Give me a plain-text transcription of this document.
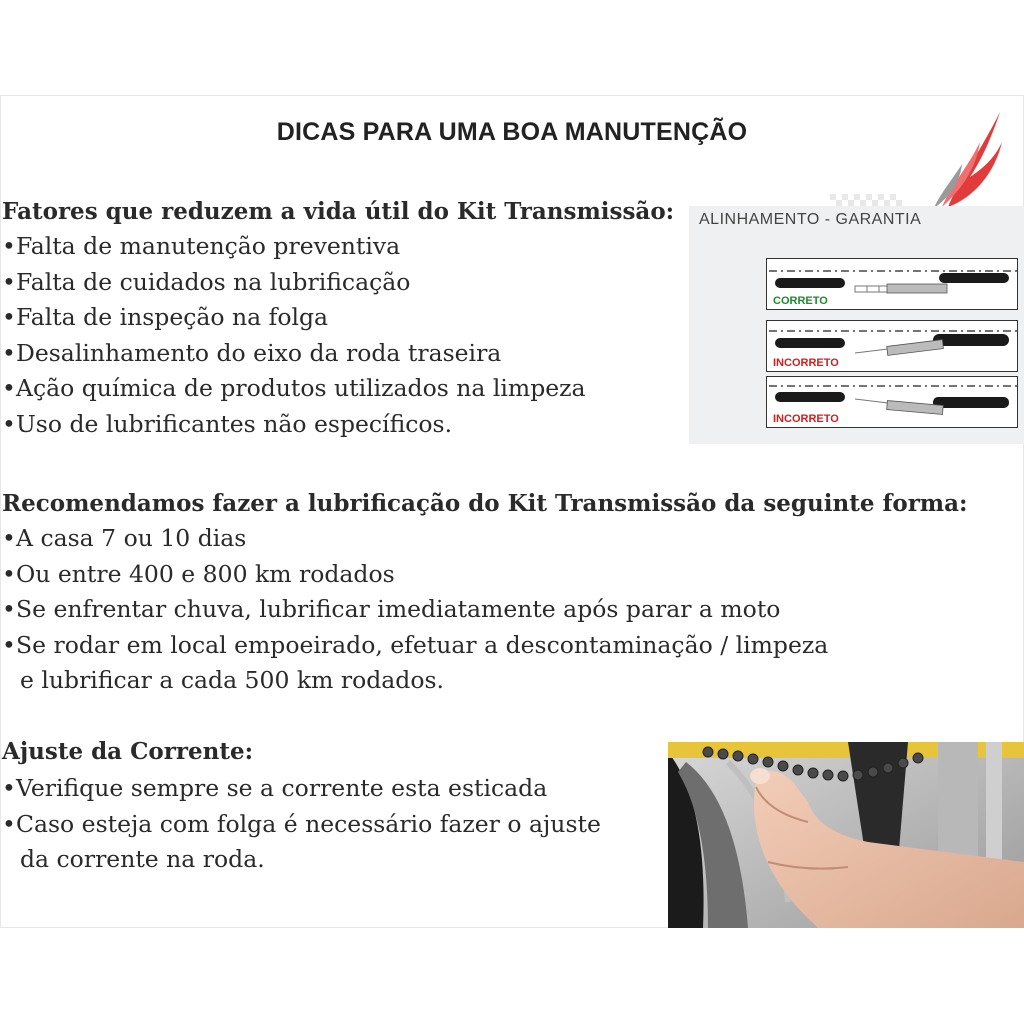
DICAS PARA UMA BOA MANUTENÇÃO
Fatores que reduzem a vida útil do Kit Transmissão:
•Falta de manutenção preventiva
•Falta de cuidados na lubrificação
•Falta de inspeção na folga
•Desalinhamento do eixo da roda traseira
•Ação química de produtos utilizados na limpeza
•Uso de lubrificantes não específicos.
ALINHAMENTO - GARANTIA
CORRETO
INCORRETO
INCORRETO
Recomendamos fazer a lubrificação do Kit Transmissão da seguinte forma:
•A casa 7 ou 10 dias
•Ou entre 400 e 800 km rodados
•Se enfrentar chuva, lubrificar imediatamente após parar a moto
•Se rodar em local empoeirado, efetuar a descontaminação / limpeza
e lubrificar a cada 500 km rodados.
Ajuste da Corrente:
•Verifique sempre se a corrente esta esticada
•Caso esteja com folga é necessário fazer o ajuste
da corrente na roda.
